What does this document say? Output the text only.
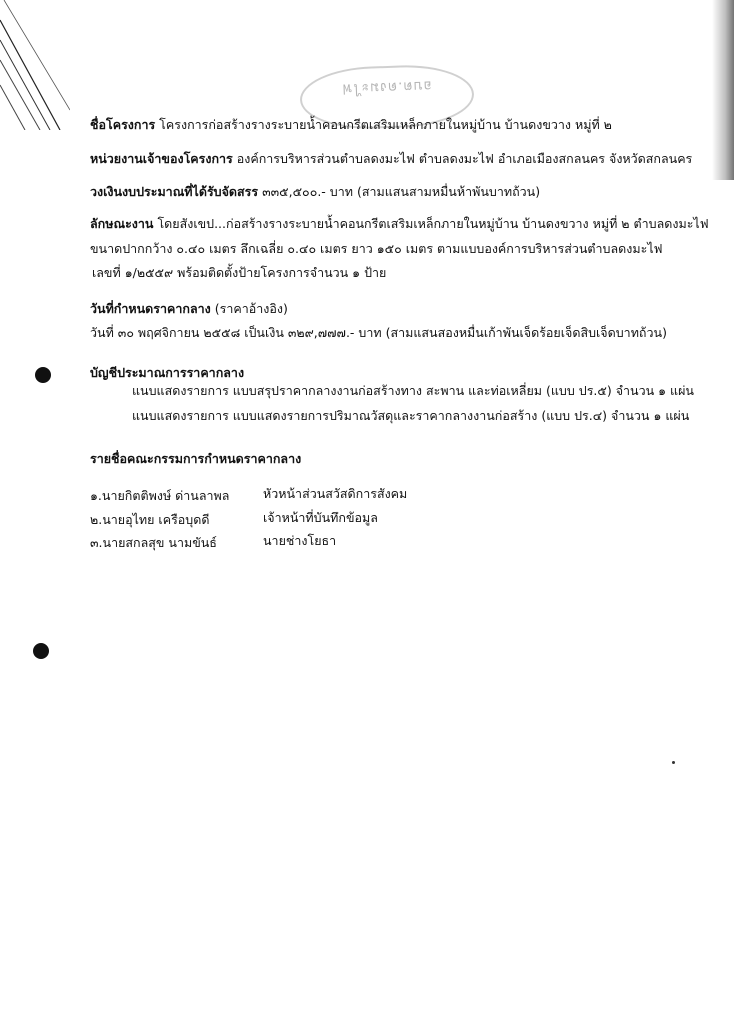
อบต.ดงมะไฟ
ชื่อโครงการ โครงการก่อสร้างรางระบายน้ำคอนกรีตเสริมเหล็กภายในหมู่บ้าน บ้านดงขวาง หมู่ที่ ๒
หน่วยงานเจ้าของโครงการ องค์การบริหารส่วนตำบลดงมะไฟ ตำบลดงมะไฟ อำเภอเมืองสกลนคร จังหวัดสกลนคร
วงเงินงบประมาณที่ได้รับจัดสรร ๓๓๕,๕๐๐.- บาท (สามแสนสามหมื่นห้าพันบาทถ้วน)
ลักษณะงาน โดยสังเขป...ก่อสร้างรางระบายน้ำคอนกรีตเสริมเหล็กภายในหมู่บ้าน บ้านดงขวาง หมู่ที่ ๒ ตำบลดงมะไฟ
ขนาดปากกว้าง ๐.๔๐ เมตร ลึกเฉลี่ย ๐.๔๐ เมตร ยาว ๑๕๐ เมตร ตามแบบองค์การบริหารส่วนตำบลดงมะไฟ
เลขที่ ๑/๒๕๕๙ พร้อมติดตั้งป้ายโครงการจำนวน ๑ ป้าย
วันที่กำหนดราคากลาง (ราคาอ้างอิง)
วันที่ ๓๐ พฤศจิกายน ๒๕๕๘ เป็นเงิน ๓๒๙,๗๗๗.- บาท (สามแสนสองหมื่นเก้าพันเจ็ดร้อยเจ็ดสิบเจ็ดบาทถ้วน)
บัญชีประมาณการราคากลาง
แนบแสดงรายการ แบบสรุปราคากลางงานก่อสร้างทาง สะพาน และท่อเหลี่ยม (แบบ ปร.๕) จำนวน ๑ แผ่น
แนบแสดงรายการ แบบแสดงรายการปริมาณวัสดุและราคากลางงานก่อสร้าง (แบบ ปร.๔) จำนวน ๑ แผ่น
รายชื่อคณะกรรมการกำหนดราคากลาง
๑.นายกิตติพงษ์ ด่านลาพล	หัวหน้าส่วนสวัสดิการสังคม
๒.นายอุไทย เครือบุดดี	เจ้าหน้าที่บันทึกข้อมูล
๓.นายสกลสุข นามขันธ์	นายช่างโยธา
